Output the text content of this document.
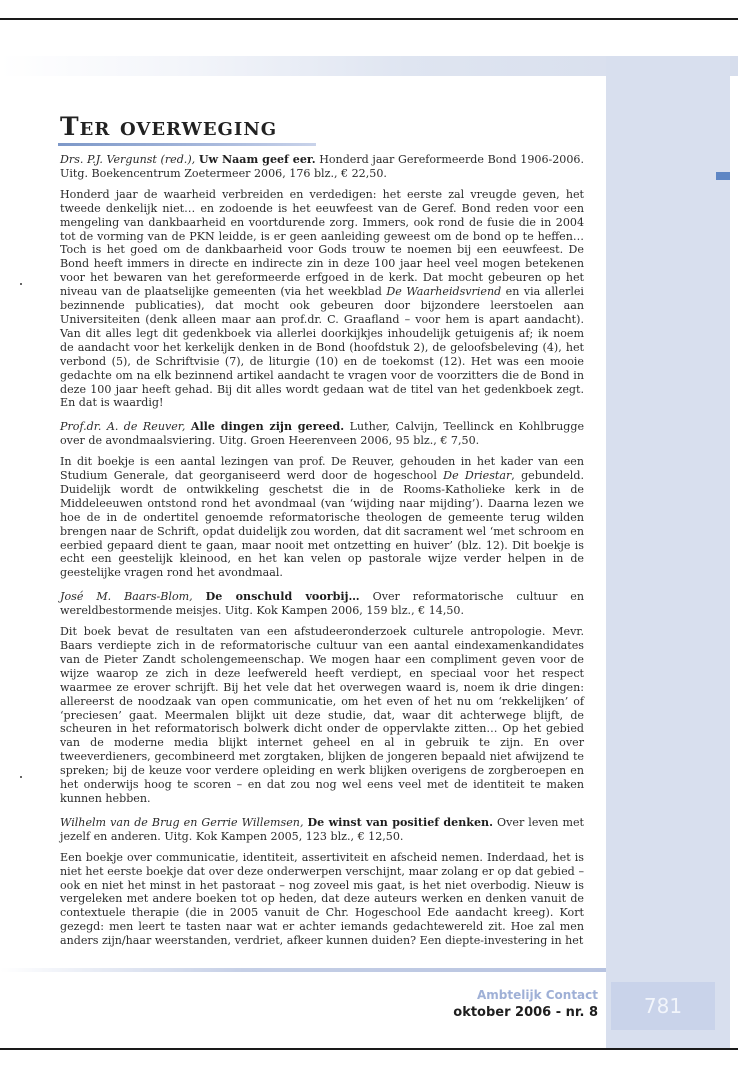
Ter overweging

Drs. P.J. Vergunst (red.), Uw Naam geef eer. Honderd jaar Gereformeerde Bond 1906-2006. Uitg. Boekencentrum Zoetermeer 2006, 176 blz., € 22,50.

Honderd jaar de waarheid verbreiden en verdedigen: het eerste zal vreugde geven, het tweede denkelijk niet… en zodoende is het eeuwfeest van de Geref. Bond reden voor een mengeling van dankbaarheid en voortdurende zorg. Immers, ook rond de fusie die in 2004 tot de vorming van de PKN leidde, is er geen aanleiding geweest om de bond op te heffen… Toch is het goed om de dankbaarheid voor Gods trouw te noemen bij een eeuwfeest. De Bond heeft immers in directe en indirecte zin in deze 100 jaar heel veel mogen betekenen voor het bewaren van het gereformeerde erfgoed in de kerk. Dat mocht gebeuren op het niveau van de plaatselijke gemeenten (via het weekblad De Waarheidsvriend en via allerlei bezinnende publicaties), dat mocht ook gebeuren door bijzondere leerstoelen aan Universiteiten (denk alleen maar aan prof.dr. C. Graafland – voor hem is apart aandacht). Van dit alles legt dit gedenkboek via allerlei doorkijkjes inhoudelijk getuigenis af; ik noem de aandacht voor het kerkelijk denken in de Bond (hoofdstuk 2), de geloofsbeleving (4), het verbond (5), de Schriftvisie (7), de liturgie (10) en de toekomst (12). Het was een mooie gedachte om na elk bezinnend artikel aandacht te vragen voor de voorzitters die de Bond in deze 100 jaar heeft gehad. Bij dit alles wordt gedaan wat de titel van het gedenkboek zegt. En dat is waardig!

Prof.dr. A. de Reuver, Alle dingen zijn gereed. Luther, Calvijn, Teellinck en Kohlbrugge over de avondmaalsviering. Uitg. Groen Heerenveen 2006, 95 blz., € 7,50.

In dit boekje is een aantal lezingen van prof. De Reuver, gehouden in het kader van een Studium Generale, dat georganiseerd werd door de hogeschool De Driestar, gebundeld. Duidelijk wordt de ontwikkeling geschetst die in de Rooms-Katholieke kerk in de Middeleeuwen ontstond rond het avondmaal (van ‘wijding naar mijding’). Daarna lezen we hoe de in de ondertitel genoemde reformatorische theologen de gemeente terug wilden brengen naar de Schrift, opdat duidelijk zou worden, dat dit sacrament wel ‘met schroom en eerbied gepaard dient te gaan, maar nooit met ontzetting en huiver’ (blz. 12). Dit boekje is echt een geestelijk kleinood, en het kan velen op pastorale wijze verder helpen in de geestelijke vragen rond het avondmaal.

José M. Baars-Blom, De onschuld voorbij… Over reformatorische cultuur en wereldbestormende meisjes. Uitg. Kok Kampen 2006, 159 blz., € 14,50.

Dit boek bevat de resultaten van een afstudeeronderzoek culturele antropologie. Mevr. Baars verdiepte zich in de reformatorische cultuur van een aantal eindexamenkandidates van de Pieter Zandt scholengemeenschap. We mogen haar een compliment geven voor de wijze waarop ze zich in deze leefwereld heeft verdiept, en speciaal voor het respect waarmee ze erover schrijft. Bij het vele dat het overwegen waard is, noem ik drie dingen: allereerst de noodzaak van open communicatie, om het even of het nu om ‘rekkelijken’ of ‘preciesen’ gaat. Meermalen blijkt uit deze studie, dat, waar dit achterwege blijft, de scheuren in het reformatorisch bolwerk dicht onder de oppervlakte zitten… Op het gebied van de moderne media blijkt internet geheel en al in gebruik te zijn. En over tweeverdieners, gecombineerd met zorgtaken, blijken de jongeren bepaald niet afwijzend te spreken; bij de keuze voor verdere opleiding en werk blijken overigens de zorgberoepen en het onderwijs hoog te scoren – en dat zou nog wel eens veel met de identiteit te maken kunnen hebben.

Wilhelm van de Brug en Gerrie Willemsen, De winst van positief denken. Over leven met jezelf en anderen. Uitg. Kok Kampen 2005, 123 blz., € 12,50.

Een boekje over communicatie, identiteit, assertiviteit en afscheid nemen. Inderdaad, het is niet het eerste boekje dat over deze onderwerpen verschijnt, maar zolang er op dat gebied – ook en niet het minst in het pastoraat – nog zoveel mis gaat, is het niet overbodig. Nieuw is vergeleken met andere boeken tot op heden, dat deze auteurs werken en denken vanuit de contextuele therapie (die in 2005 vanuit de Chr. Hogeschool Ede aandacht kreeg). Kort gezegd: men leert te tasten naar wat er achter iemands gedachtewereld zit. Hoe zal men anders zijn/haar weerstanden, verdriet, afkeer kunnen duiden? Een diepte-investering in het

Ambtelijk Contact
oktober 2006 - nr. 8	781
